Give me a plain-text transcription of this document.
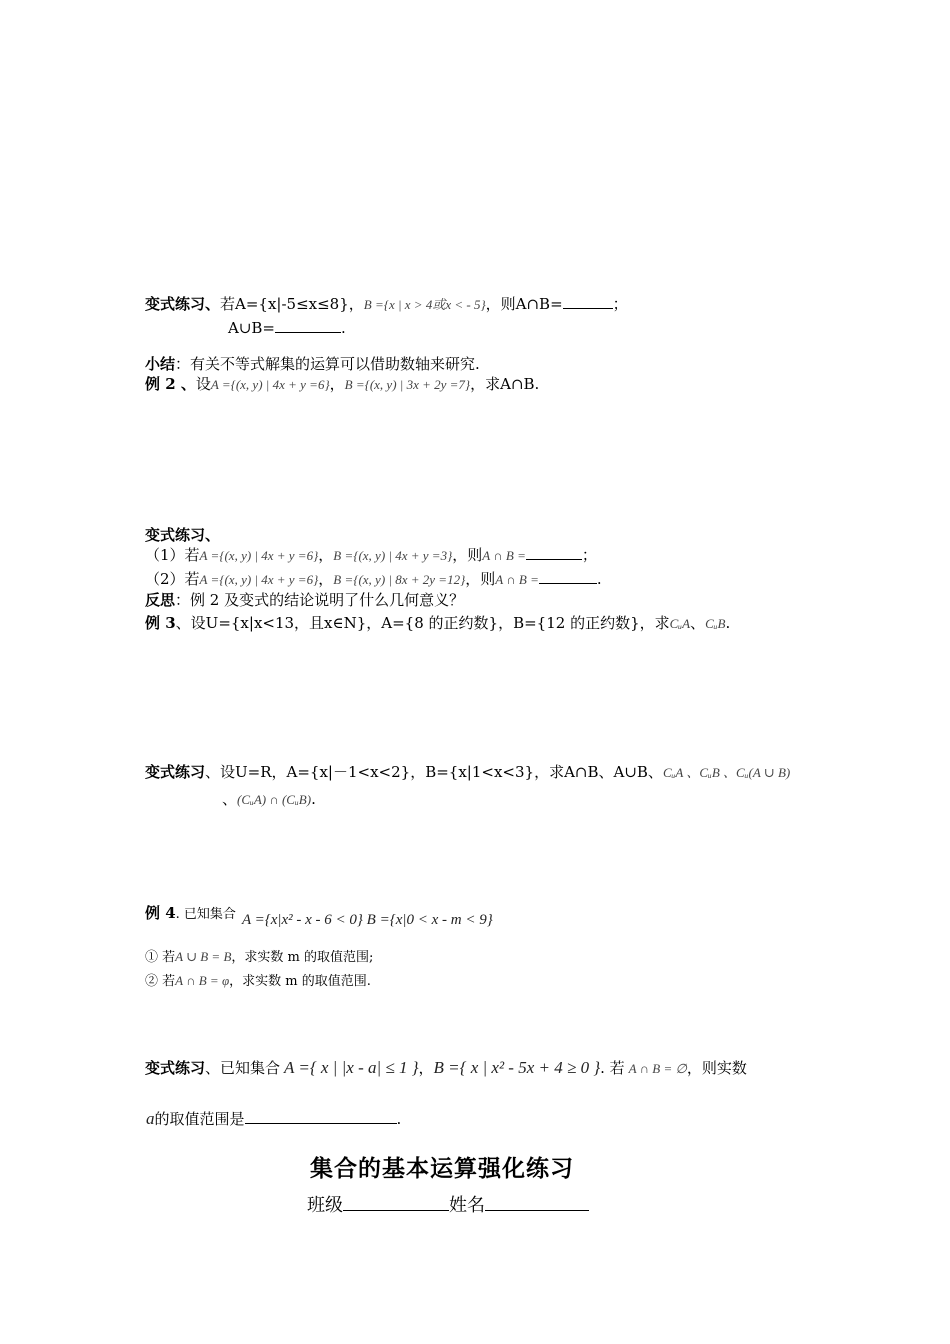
变式练习、若A={x|-5≤x≤8}，B ={x | x > 4或x < - 5}，则A∩B=	；
A∪B=	.
小结：有关不等式解集的运算可以借助数轴来研究.
例 2 、设A ={(x, y) | 4x + y =6}，B ={(x, y) | 3x + 2y =7}，求A∩B.
变式练习、
（1）若A ={(x, y) | 4x + y =6}，B ={(x, y) | 4x + y =3}，则A ∩ B =	；
（2）若A ={(x, y) | 4x + y =6}，B ={(x, y) | 8x + 2y =12}，则A ∩ B =	.
反思：例 2 及变式的结论说明了什么几何意义？
例 3、设U={x|x<13，且x∈N}，A={8 的正约数}，B={12 的正约数}，求CᵤA、CᵤB.
变式练习、设U=R，A={x|－1<x<2}，B={x|1<x<3}，求A∩B、A∪B、CᵤA 、CᵤB 、Cᵤ(A ∪ B)
、(CᵤA) ∩ (CᵤB).
例 4. 已知集合 A ={x|x² - x - 6 < 0} B ={x|0 < x - m < 9}
① 若A ∪ B = B，求实数 m 的取值范围;
② 若A ∩ B = φ，求实数 m 的取值范围.
变式练习、已知集合 A ={ x | |x - a| ≤ 1 }，B ={ x | x² - 5x + 4 ≥ 0 }. 若 A ∩ B = ∅，则实数
a的取值范围是	.
集合的基本运算强化练习
班级	姓名
